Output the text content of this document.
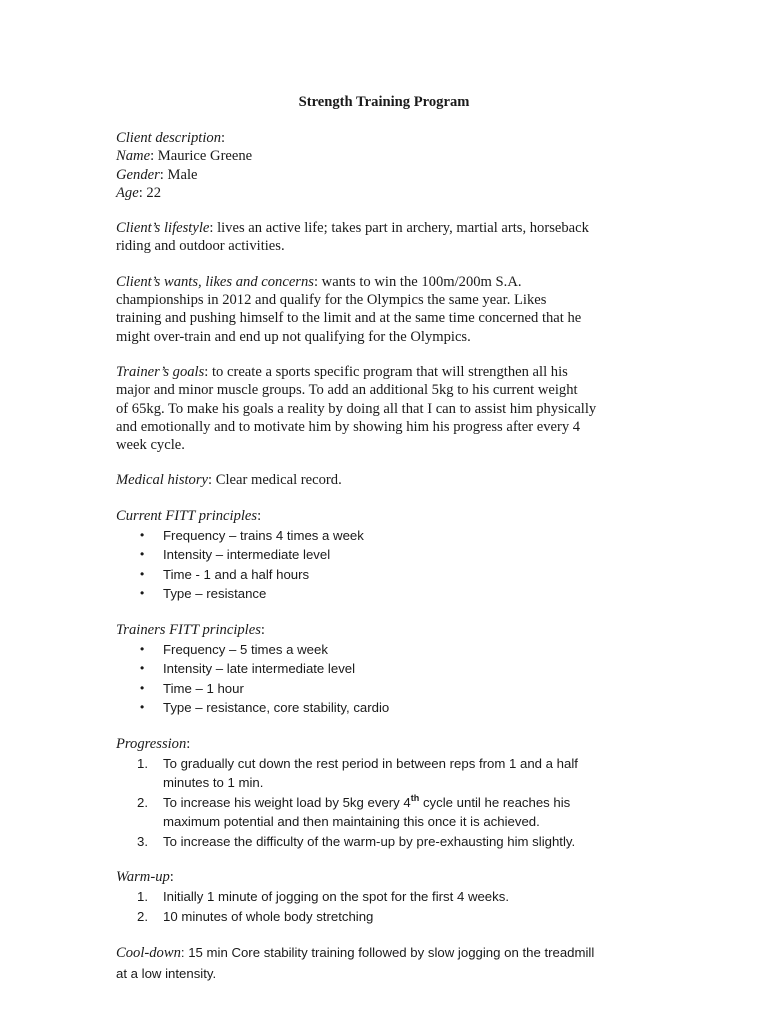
Strength Training Program
Client description:
Name: Maurice Greene
Gender: Male
Age: 22
Client’s lifestyle: lives an active life; takes part in archery, martial arts, horseback
riding and outdoor activities.
Client’s wants, likes and concerns: wants to win the 100m/200m S.A.
championships in 2012 and qualify for the Olympics the same year. Likes
training and pushing himself to the limit and at the same time concerned that he
might over-train and end up not qualifying for the Olympics.
Trainer’s goals: to create a sports specific program that will strengthen all his
major and minor muscle groups. To add an additional 5kg to his current weight
of 65kg. To make his goals a reality by doing all that I can to assist him physically
and emotionally and to motivate him by showing him his progress after every 4
week cycle.
Medical history: Clear medical record.
Current FITT principles:
• Frequency – trains 4 times a week
• Intensity – intermediate level
• Time - 1 and a half hours
• Type – resistance
Trainers FITT principles:
• Frequency – 5 times a week
• Intensity – late intermediate level
• Time – 1 hour
• Type – resistance, core stability, cardio
Progression:
1. To gradually cut down the rest period in between reps from 1 and a half
minutes to 1 min.
2. To increase his weight load by 5kg every 4th cycle until he reaches his
maximum potential and then maintaining this once it is achieved.
3. To increase the difficulty of the warm-up by pre-exhausting him slightly.
Warm-up:
1. Initially 1 minute of jogging on the spot for the first 4 weeks.
2. 10 minutes of whole body stretching
Cool-down: 15 min Core stability training followed by slow jogging on the treadmill
at a low intensity.
